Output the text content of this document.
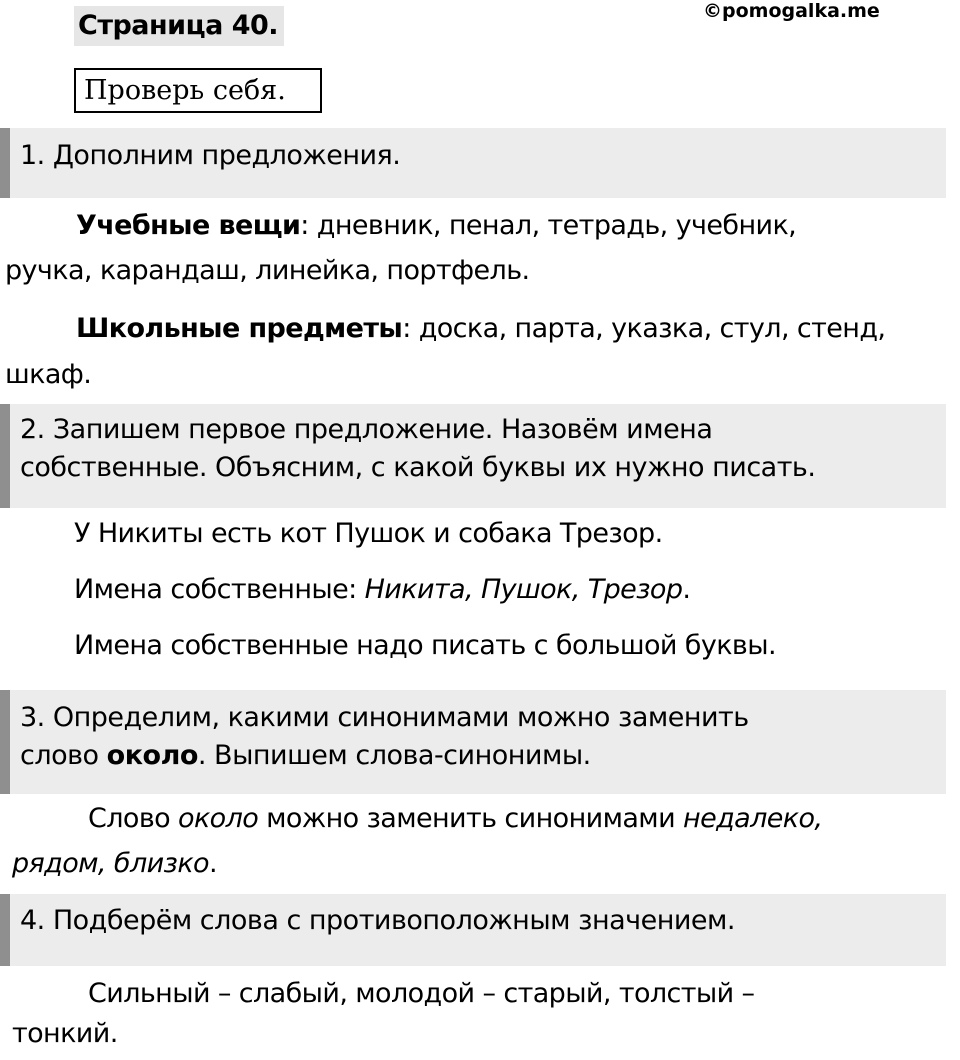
Страница 40.	©pomogalka.me
Проверь себя.
1. Дополним предложения.
Учебные вещи: дневник, пенал, тетрадь, учебник,
ручка, карандаш, линейка, портфель.
Школьные предметы: доска, парта, указка, стул, стенд,
шкаф.
2. Запишем первое предложение. Назовём имена
собственные. Объясним, с какой буквы их нужно писать.
У Никиты есть кот Пушок и собака Трезор.
Имена собственные: Никита, Пушок, Трезор.
Имена собственные надо писать с большой буквы.
3. Определим, какими синонимами можно заменить
слово около. Выпишем слова-синонимы.
Слово около можно заменить синонимами недалеко,
рядом, близко.
4. Подберём слова с противоположным значением.
Сильный – слабый, молодой – старый, толстый –
тонкий.
